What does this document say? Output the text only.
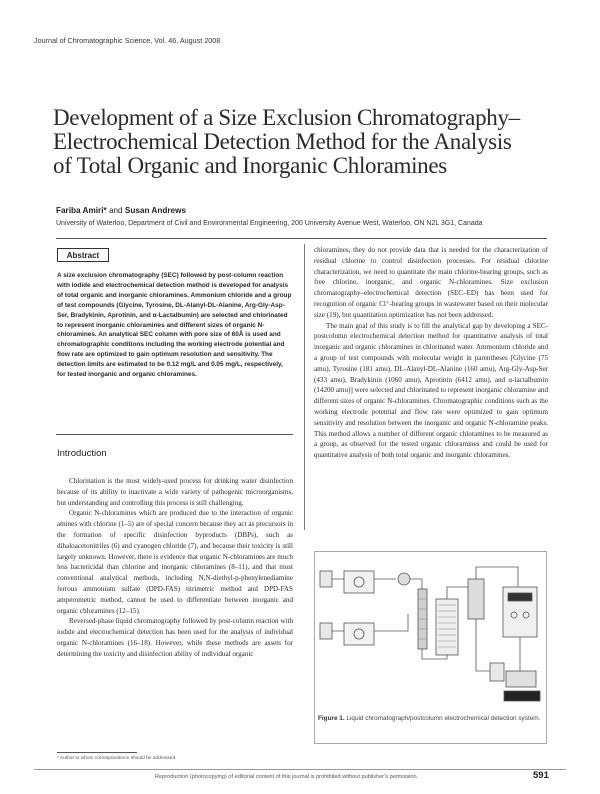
Journal of Chromatographic Science, Vol. 46, August 2008
Development of a Size Exclusion Chromatography–Electrochemical Detection Method for the Analysis of Total Organic and Inorganic Chloramines
Fariba Amiri* and Susan Andrews
University of Waterloo, Department of Civil and Environmental Engineering, 200 University Avenue West, Waterloo, ON N2L 3G1, Canada
Abstract
A size exclusion chromatography (SEC) followed by post-column reaction with iodide and electrochemical detection method is developed for analysis of total organic and inorganic chloramines. Ammonium chloride and a group of test compounds (Glycine, Tyrosine, DL-Alanyl-DL-Alanine, Arg-Gly-Asp-Ser, Bradykinin, Aprotinin, and α-Lactalbumin) are selected and chlorinated to represent inorganic chloramines and different sizes of organic N-chloramines. An analytical SEC column with pore size of 60Å is used and chromatographic conditions including the working electrode potential and flow rate are optimized to gain optimum resolution and sensitivity. The detection limits are estimated to be 0.12 mg/L and 0.05 mg/L, respectively, for tested inorganic and organic chloramines.
Introduction

Chlorination is the most widely-used process for drinking water disinfection because of its ability to inactivate a wide variety of pathogenic microorganisms, but understanding and controlling this process is still challenging.

Organic N-chloramines which are produced due to the interaction of organic amines with chlorine (1–5) are of special concern because they act as precursors in the formation of specific disinfection byproducts (DBPs), such as dihaloacetonitriles (6) and cyanogen chloride (7), and because their toxicity is still largely unknown. However, there is evidence that organic N-chloramines are much less bactericidal than chlorine and inorganic chloramines (8–11), and that most conventional analytical methods, including N,N-diethyl-p-phenylenediamine ferrous ammonium sulfate (DPD-FAS) titrimetric method and DPD-FAS amperometric method, cannot be used to differentiate between inorganic and organic chloramines (12–15).

Reversed-phase liquid chromatography followed by post-column reaction with iodide and electrochemical detection has been used for the analysis of individual organic N-chloramines (16–18). However, while these methods are assets for determining the toxicity and disinfection ability of individual organic

chloramines, they do not provide data that is needed for the characterization of residual chlorine to control disinfection processes. For residual chlorine characterization, we need to quantitate the main chlorine-bearing groups, such as free chlorine, inorganic, and organic N-chloramines. Size exclusion chromatography–electrochemical detection (SEC–ED) has been used for recognition of organic Cl⁺-bearing groups in wastewater based on their molecular size (19), but quantitation optimization has not been addressed.

The main goal of this study is to fill the analytical gap by developing a SEC-postcolumn electrochemical detection method for quantitative analysis of total inorganic and organic chloramines in chlorinated water. Ammonium chloride and a group of test compounds with molecular weight in parentheses [Glycine (75 amu), Tyrosine (181 amu), DL-Alanyl-DL-Alanine (160 amu), Arg-Gly-Asp-Ser (433 amu), Bradykinin (1060 amu), Aprotinin (6412 amu), and α-lactalbumin (14200 amu)] were selected and chlorinated to represent inorganic chloramine and different sizes of organic N-chloramines. Chromatographic conditions such as the working electrode potential and flow rate were optimized to gain optimum sensitivity and resolution between the inorganic and organic N-chloramine peaks. This method allows a number of different organic chloramines to be measured as a group, as observed for the tested organic chloramines and could be used for quantitative analysis of both total organic and inorganic chloramines.

Figure 1. Liquid chromatograph/postcolumn electrochemical detection system.
* Author to whom correspondence should be addressed.
Reproduction (photocopying) of editorial content of this journal is prohibited without publisher's permission.	591
